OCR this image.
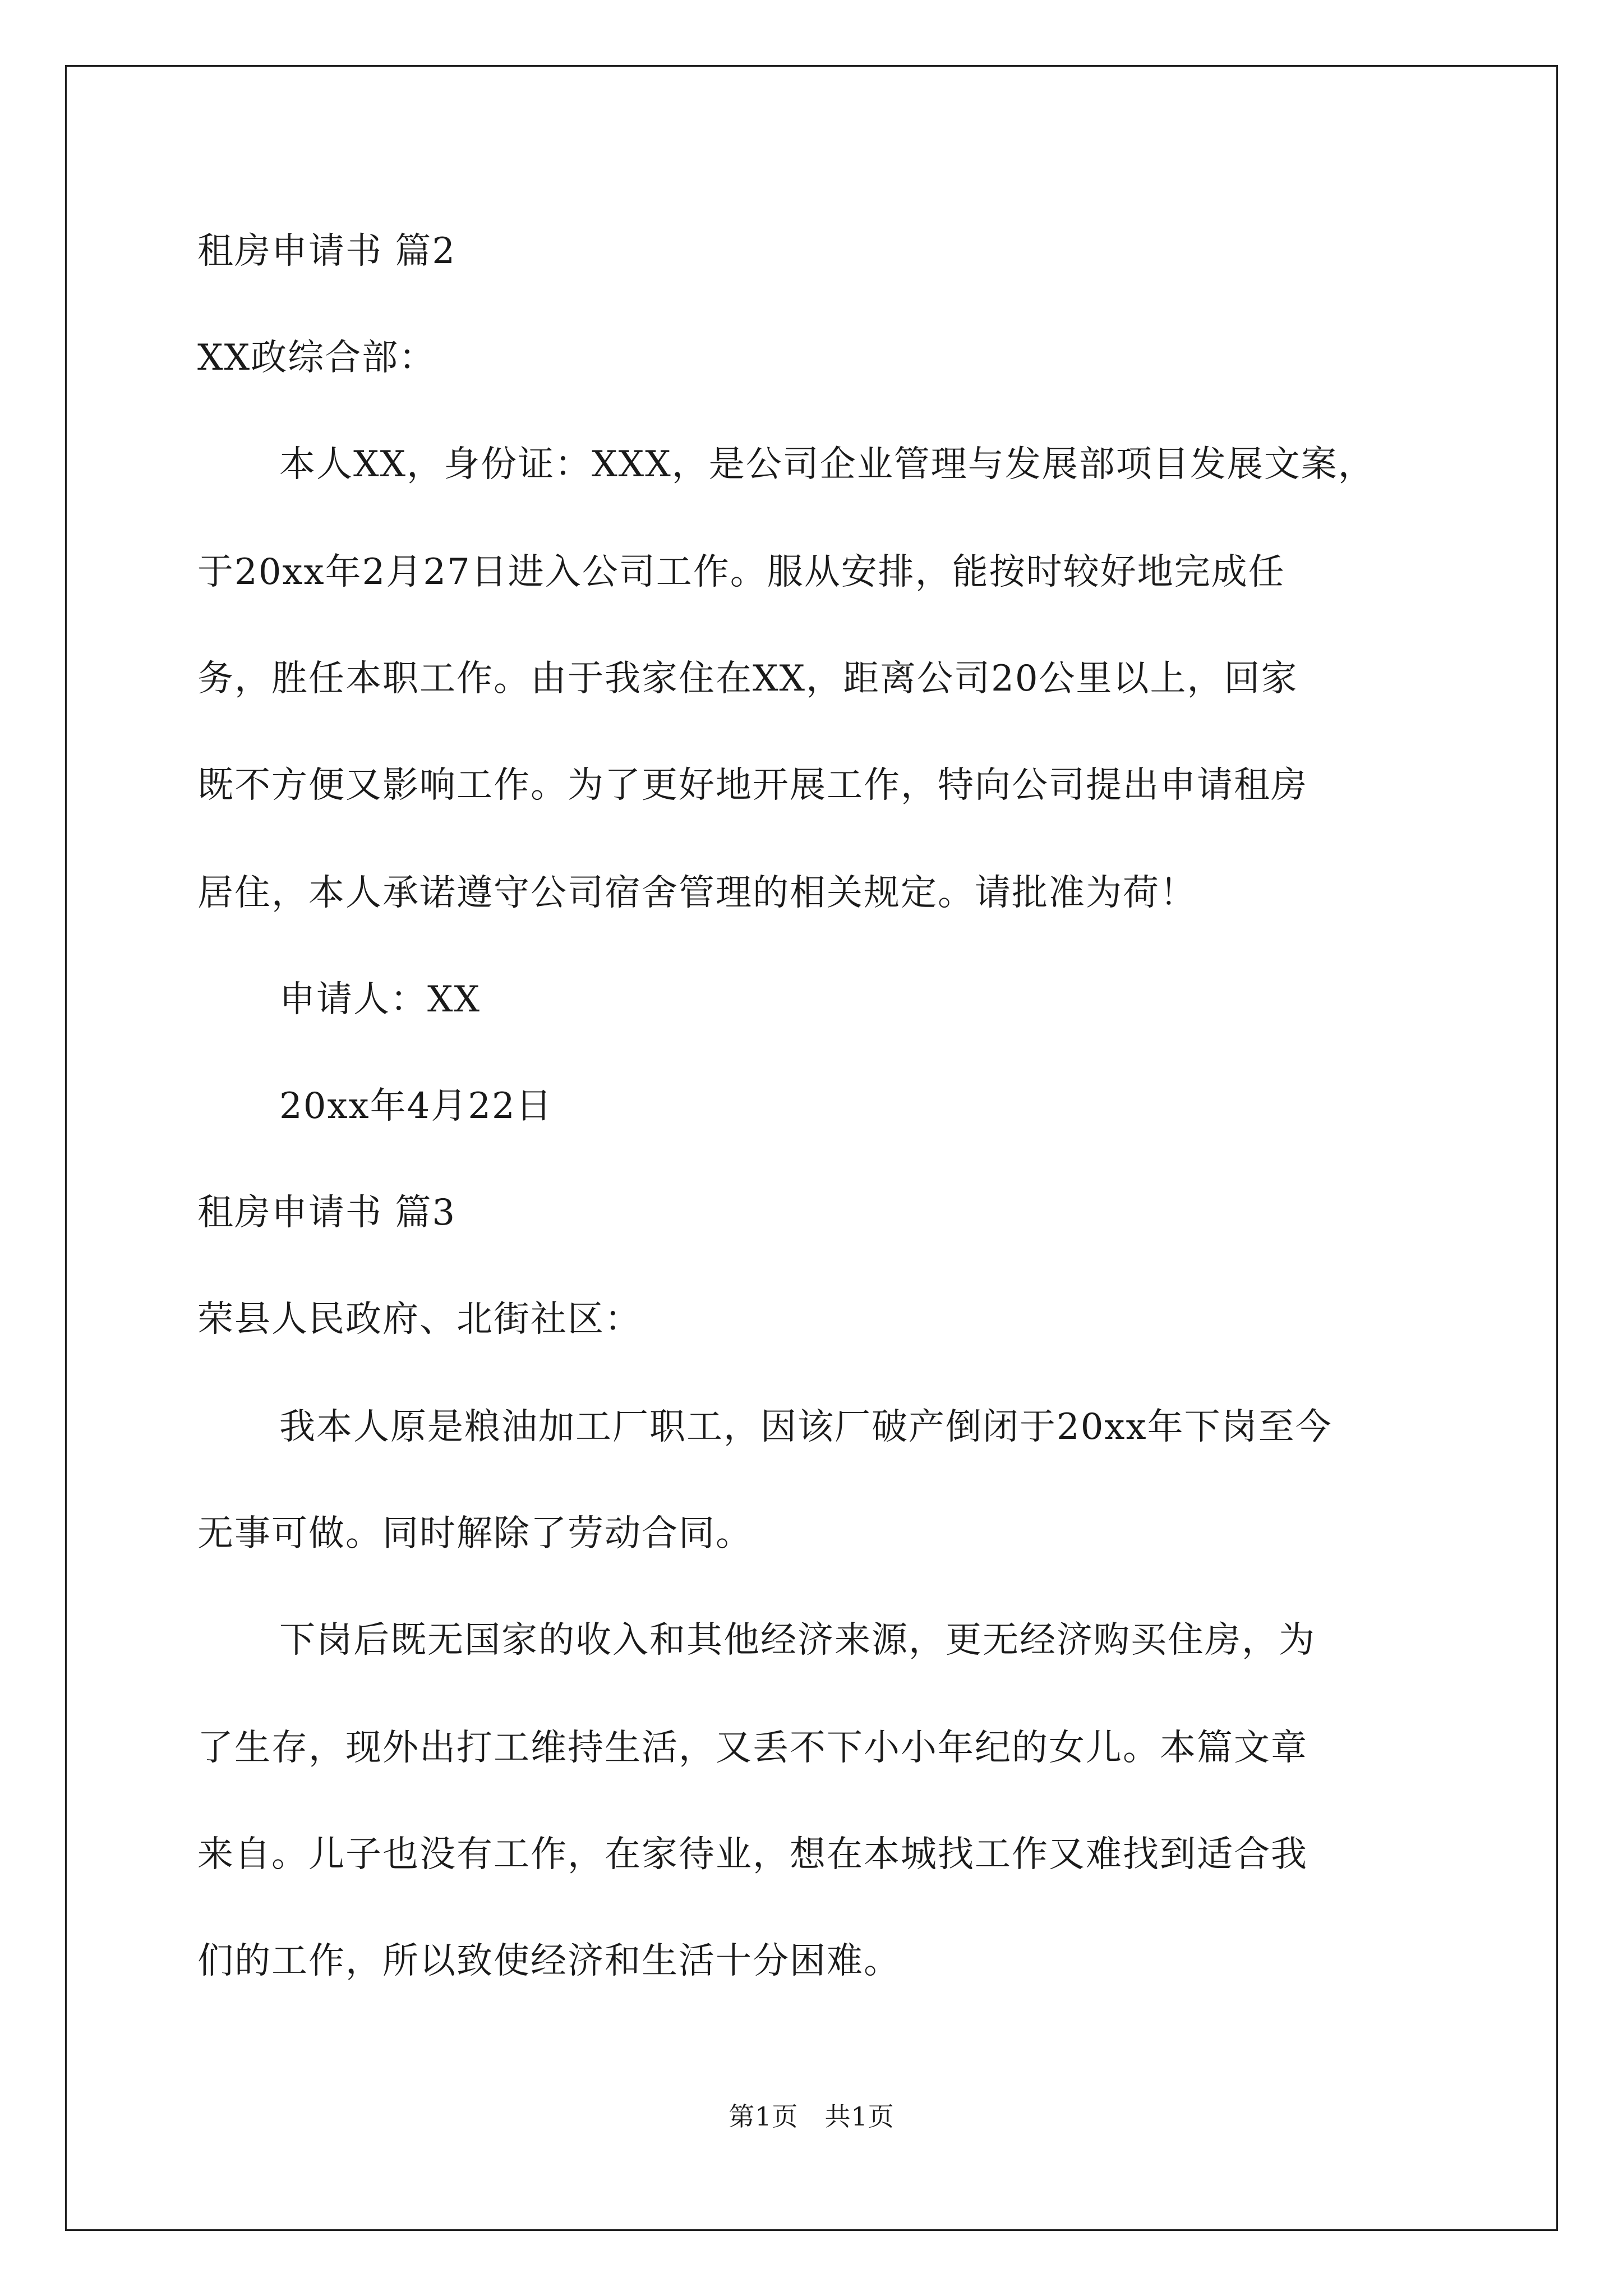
租房申请书 篇2
XX政综合部：
本人XX，身份证：XXX，是公司企业管理与发展部项目发展文案，
于20xx年2月27日进入公司工作。服从安排，能按时较好地完成任
务，胜任本职工作。由于我家住在XX，距离公司20公里以上，回家
既不方便又影响工作。为了更好地开展工作，特向公司提出申请租房
居住，本人承诺遵守公司宿舍管理的相关规定。请批准为荷！
申请人：XX
20xx年4月22日
租房申请书 篇3
荣县人民政府、北街社区：
我本人原是粮油加工厂职工，因该厂破产倒闭于20xx年下岗至今
无事可做。同时解除了劳动合同。
下岗后既无国家的收入和其他经济来源，更无经济购买住房，为
了生存，现外出打工维持生活，又丢不下小小年纪的女儿。本篇文章
来自。儿子也没有工作，在家待业，想在本城找工作又难找到适合我
们的工作，所以致使经济和生活十分困难。
第1页 共1页
